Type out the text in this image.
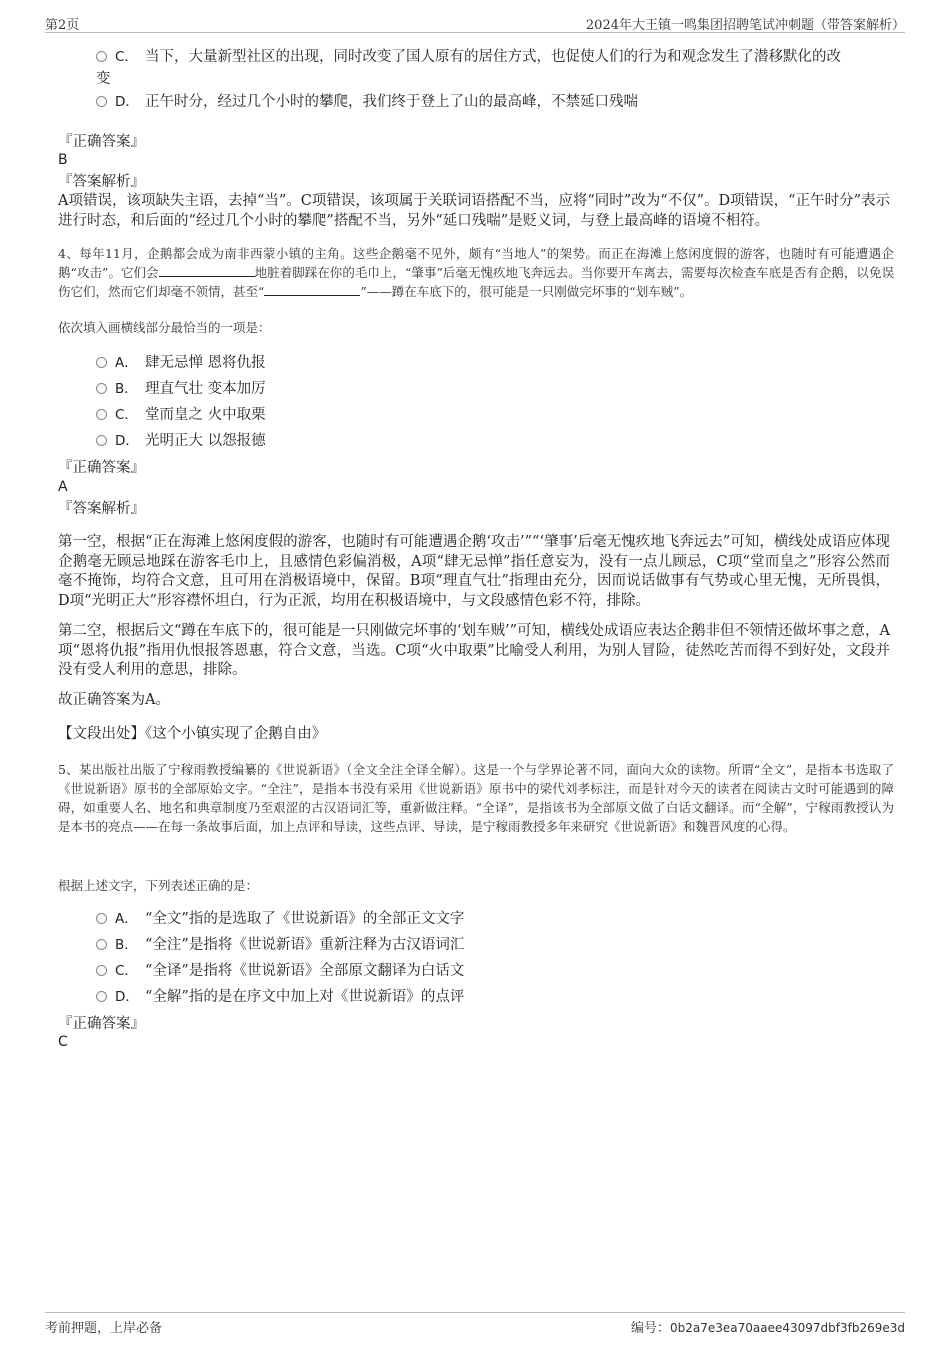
第2页	2024年大王镇一鸣集团招聘笔试冲刺题（带答案解析）
C． 当下，大量新型社区的出现，同时改变了国人原有的居住方式，也促使人们的行为和观念发生了潜移默化的改
变
D． 正午时分，经过几个小时的攀爬，我们终于登上了山的最高峰，不禁延口残喘
『正确答案』
B
『答案解析』
A项错误，该项缺失主语，去掉“当”。C项错误，该项属于关联词语搭配不当，应将“同时”改为“不仅”。D项错误，“正午时分”表示进行时态，和后面的“经过几个小时的攀爬”搭配不当，另外“延口残喘”是贬义词，与登上最高峰的语境不相符。
4、每年11月，企鹅都会成为南非西蒙小镇的主角。这些企鹅毫不见外，颇有“当地人”的架势。而正在海滩上悠闲度假的游客，也随时有可能遭遇企鹅“攻击”。它们会	地脏着脚踩在你的毛巾上，“肇事”后毫无愧疚地飞奔远去。当你要开车离去，需要每次检查车底是否有企鹅，以免误伤它们，然而它们却毫不领情，甚至“	”——蹲在车底下的，很可能是一只刚做完坏事的“划车贼”。
依次填入画横线部分最恰当的一项是：
A． 肆无忌惮 恩将仇报
B． 理直气壮 变本加厉
C． 堂而皇之 火中取栗
D． 光明正大 以怨报德
『正确答案』
A
『答案解析』
第一空，根据“正在海滩上悠闲度假的游客，也随时有可能遭遇企鹅‘攻击’”“‘肇事’后毫无愧疚地飞奔远去”可知，横线处成语应体现企鹅毫无顾忌地踩在游客毛巾上，且感情色彩偏消极，A项“肆无忌惮”指任意妄为，没有一点儿顾忌，C项“堂而皇之”形容公然而毫不掩饰，均符合文意，且可用在消极语境中，保留。B项“理直气壮”指理由充分，因而说话做事有气势或心里无愧，无所畏惧，D项“光明正大”形容襟怀坦白，行为正派，均用在积极语境中，与文段感情色彩不符，排除。
第二空，根据后文“蹲在车底下的，很可能是一只刚做完坏事的‘划车贼’”可知，横线处成语应表达企鹅非但不领情还做坏事之意，A项“恩将仇报”指用仇恨报答恩惠，符合文意，当选。C项“火中取栗”比喻受人利用，为别人冒险，徒然吃苦而得不到好处，文段并没有受人利用的意思，排除。
故正确答案为A。
【文段出处】《这个小镇实现了企鹅自由》
5、某出版社出版了宁稼雨教授编纂的《世说新语》（全文全注全译全解）。这是一个与学界论著不同，面向大众的读物。所谓“全文”，是指本书选取了《世说新语》原书的全部原始文字。“全注”，是指本书没有采用《世说新语》原书中的梁代刘孝标注，而是针对今天的读者在阅读古文时可能遇到的障碍，如重要人名、地名和典章制度乃至艰涩的古汉语词汇等，重新做注释。“全译”，是指该书为全部原文做了白话文翻译。而“全解”，宁稼雨教授认为是本书的亮点——在每一条故事后面，加上点评和导读，这些点评、导读，是宁稼雨教授多年来研究《世说新语》和魏晋风度的心得。
根据上述文字，下列表述正确的是：
A． “全文”指的是选取了《世说新语》的全部正文文字
B． “全注”是指将《世说新语》重新注释为古汉语词汇
C． “全译”是指将《世说新语》全部原文翻译为白话文
D． “全解”指的是在序文中加上对《世说新语》的点评
『正确答案』
C
考前押题，上岸必备	编号：0b2a7e3ea70aaee43097dbf3fb269e3d
